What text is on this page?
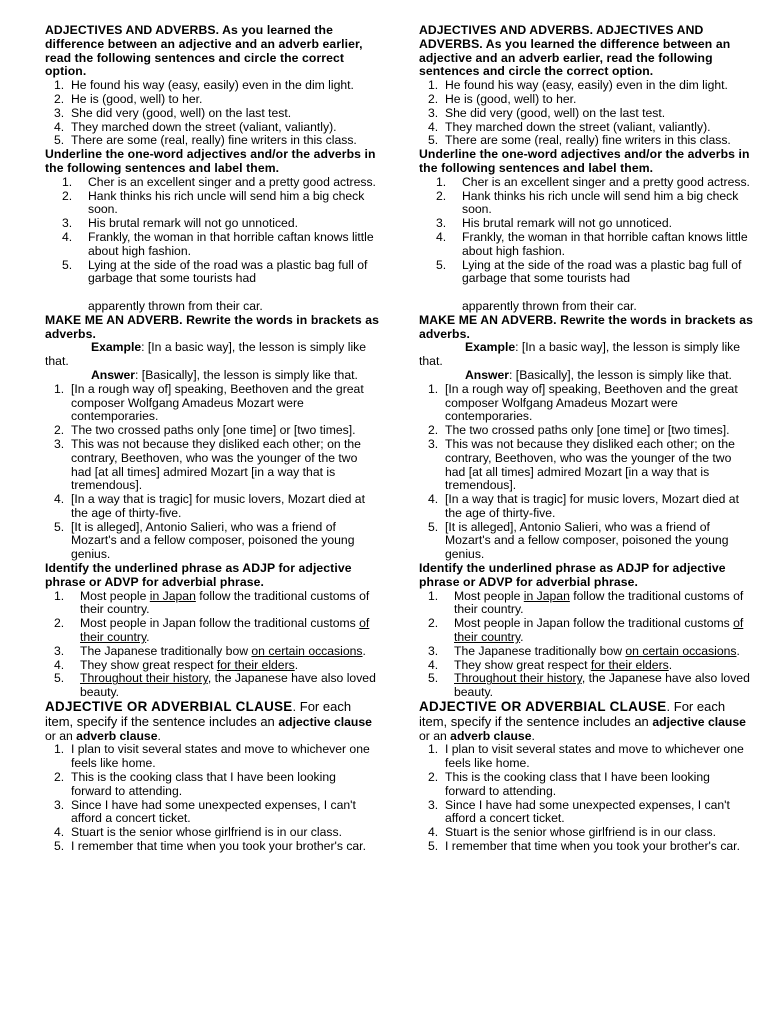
ADJECTIVES AND ADVERBS. As you learned the difference between an adjective and an adverb earlier, read the following sentences and circle the correct option.

1. He found his way (easy, easily) even in the dim light.
2. He is (good, well) to her.
3. She did very (good, well) on the last test.
4. They marched down the street (valiant, valiantly).
5. There are some (real, really) fine writers in this class.

Underline the one-word adjectives and/or the adverbs in the following sentences and label them.

1. Cher is an excellent singer and a pretty good actress.
2. Hank thinks his rich uncle will send him a big check soon.
3. His brutal remark will not go unnoticed.
4. Frankly, the woman in that horrible caftan knows little about high fashion.
5. Lying at the side of the road was a plastic bag full of garbage that some tourists had

apparently thrown from their car.

MAKE ME AN ADVERB. Rewrite the words in brackets as adverbs.

Example: [In a basic way], the lesson is simply like that.

Answer: [Basically], the lesson is simply like that.

1. [In a rough way of] speaking, Beethoven and the great composer Wolfgang Amadeus Mozart were contemporaries.
2. The two crossed paths only [one time] or [two times].
3. This was not because they disliked each other; on the contrary, Beethoven, who was the younger of the two had [at all times] admired Mozart [in a way that is tremendous].
4. [In a way that is tragic] for music lovers, Mozart died at the age of thirty-five.
5. [It is alleged], Antonio Salieri, who was a friend of Mozart's and a fellow composer, poisoned the young genius.

Identify the underlined phrase as ADJP for adjective phrase or ADVP for adverbial phrase.

1. Most people in Japan follow the traditional customs of their country.
2. Most people in Japan follow the traditional customs of their country.
3. The Japanese traditionally bow on certain occasions.
4. They show great respect for their elders.
5. Throughout their history, the Japanese have also loved beauty.

ADJECTIVE OR ADVERBIAL CLAUSE. For each item, specify if the sentence includes an adjective clause or an adverb clause.

1. I plan to visit several states and move to whichever one feels like home.
2. This is the cooking class that I have been looking forward to attending.
3. Since I have had some unexpected expenses, I can't afford a concert ticket.
4. Stuart is the senior whose girlfriend is in our class.
5. I remember that time when you took your brother's car.

ADJECTIVES AND ADVERBS. ADJECTIVES AND ADVERBS. As you learned the difference between an adjective and an adverb earlier, read the following sentences and circle the correct option.

1. He found his way (easy, easily) even in the dim light.
2. He is (good, well) to her.
3. She did very (good, well) on the last test.
4. They marched down the street (valiant, valiantly).
5. There are some (real, really) fine writers in this class.

Underline the one-word adjectives and/or the adverbs in the following sentences and label them.

1. Cher is an excellent singer and a pretty good actress.
2. Hank thinks his rich uncle will send him a big check soon.
3. His brutal remark will not go unnoticed.
4. Frankly, the woman in that horrible caftan knows little about high fashion.
5. Lying at the side of the road was a plastic bag full of garbage that some tourists had

apparently thrown from their car.

MAKE ME AN ADVERB. Rewrite the words in brackets as adverbs.

Example: [In a basic way], the lesson is simply like that.

Answer: [Basically], the lesson is simply like that.

1. [In a rough way of] speaking, Beethoven and the great composer Wolfgang Amadeus Mozart were contemporaries.
2. The two crossed paths only [one time] or [two times].
3. This was not because they disliked each other; on the contrary, Beethoven, who was the younger of the two had [at all times] admired Mozart [in a way that is tremendous].
4. [In a way that is tragic] for music lovers, Mozart died at the age of thirty-five.
5. [It is alleged], Antonio Salieri, who was a friend of Mozart's and a fellow composer, poisoned the young genius.

Identify the underlined phrase as ADJP for adjective phrase or ADVP for adverbial phrase.

1. Most people in Japan follow the traditional customs of their country.
2. Most people in Japan follow the traditional customs of their country.
3. The Japanese traditionally bow on certain occasions.
4. They show great respect for their elders.
5. Throughout their history, the Japanese have also loved beauty.

ADJECTIVE OR ADVERBIAL CLAUSE. For each item, specify if the sentence includes an adjective clause or an adverb clause.

1. I plan to visit several states and move to whichever one feels like home.
2. This is the cooking class that I have been looking forward to attending.
3. Since I have had some unexpected expenses, I can't afford a concert ticket.
4. Stuart is the senior whose girlfriend is in our class.
5. I remember that time when you took your brother's car.
